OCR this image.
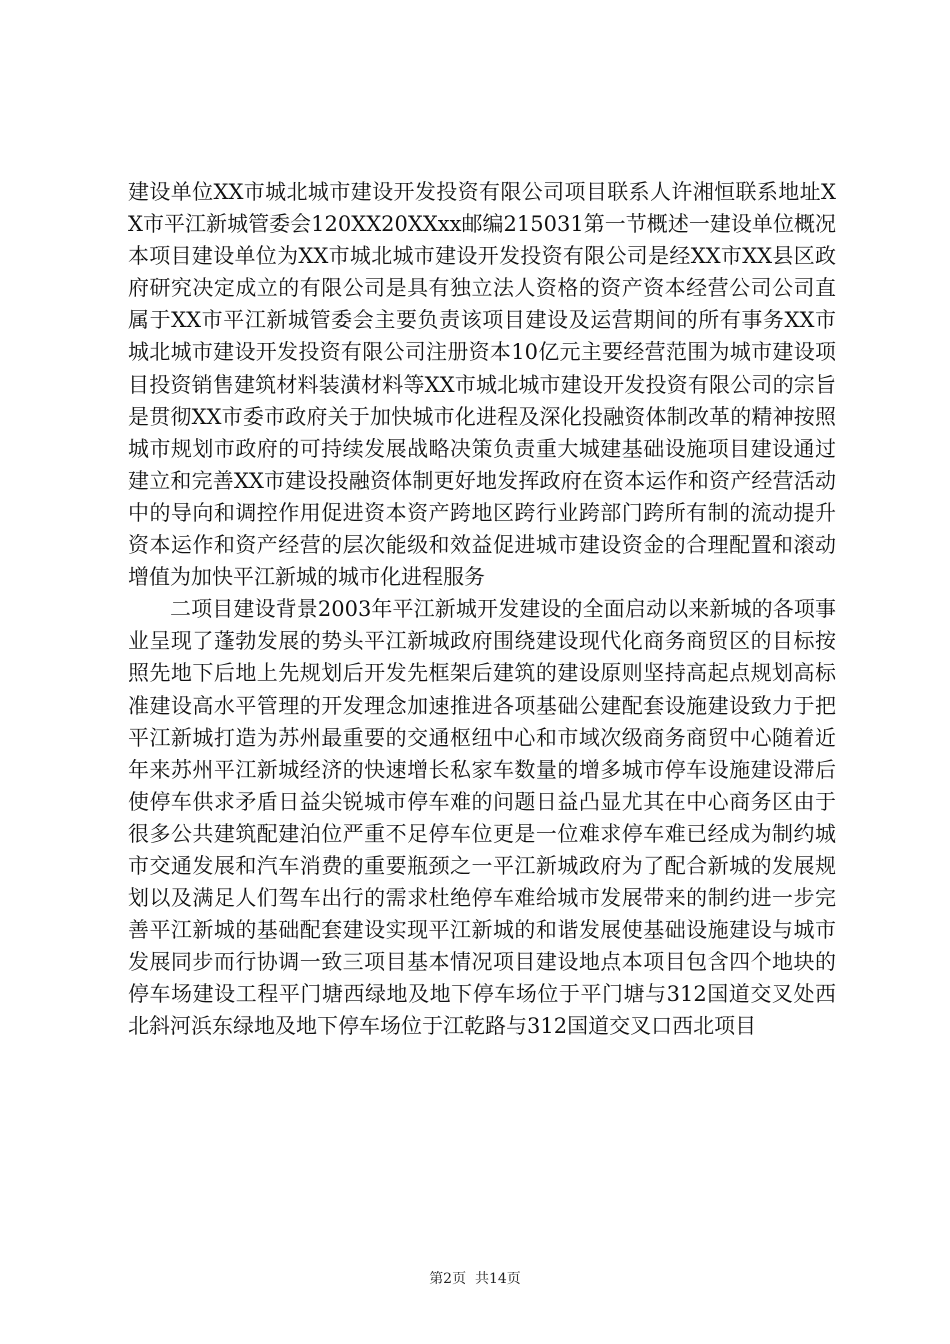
建设单位XX市城北城市建设开发投资有限公司项目联系人许湘恒联系地址XX市平江新城管委会120XX20XXxx邮编215031第一节概述一建设单位概况本项目建设单位为XX市城北城市建设开发投资有限公司是经XX市XX县区政府研究决定成立的有限公司是具有独立法人资格的资产资本经营公司公司直属于XX市平江新城管委会主要负责该项目建设及运营期间的所有事务XX市城北城市建设开发投资有限公司注册资本10亿元主要经营范围为城市建设项目投资销售建筑材料装潢材料等XX市城北城市建设开发投资有限公司的宗旨是贯彻XX市委市政府关于加快城市化进程及深化投融资体制改革的精神按照城市规划市政府的可持续发展战略决策负责重大城建基础设施项目建设通过建立和完善XX市建设投融资体制更好地发挥政府在资本运作和资产经营活动中的导向和调控作用促进资本资产跨地区跨行业跨部门跨所有制的流动提升资本运作和资产经营的层次能级和效益促进城市建设资金的合理配置和滚动增值为加快平江新城的城市化进程服务

二项目建设背景2003年平江新城开发建设的全面启动以来新城的各项事业呈现了蓬勃发展的势头平江新城政府围绕建设现代化商务商贸区的目标按照先地下后地上先规划后开发先框架后建筑的建设原则坚持高起点规划高标准建设高水平管理的开发理念加速推进各项基础公建配套设施建设致力于把平江新城打造为苏州最重要的交通枢纽中心和市域次级商务商贸中心随着近年来苏州平江新城经济的快速增长私家车数量的增多城市停车设施建设滞后使停车供求矛盾日益尖锐城市停车难的问题日益凸显尤其在中心商务区由于很多公共建筑配建泊位严重不足停车位更是一位难求停车难已经成为制约城市交通发展和汽车消费的重要瓶颈之一平江新城政府为了配合新城的发展规划以及满足人们驾车出行的需求杜绝停车难给城市发展带来的制约进一步完善平江新城的基础配套建设实现平江新城的和谐发展使基础设施建设与城市发展同步而行协调一致三项目基本情况项目建设地点本项目包含四个地块的停车场建设工程平门塘西绿地及地下停车场位于平门塘与312国道交叉处西北斜河浜东绿地及地下停车场位于江乾路与312国道交叉口西北项目

第2页  共14页
